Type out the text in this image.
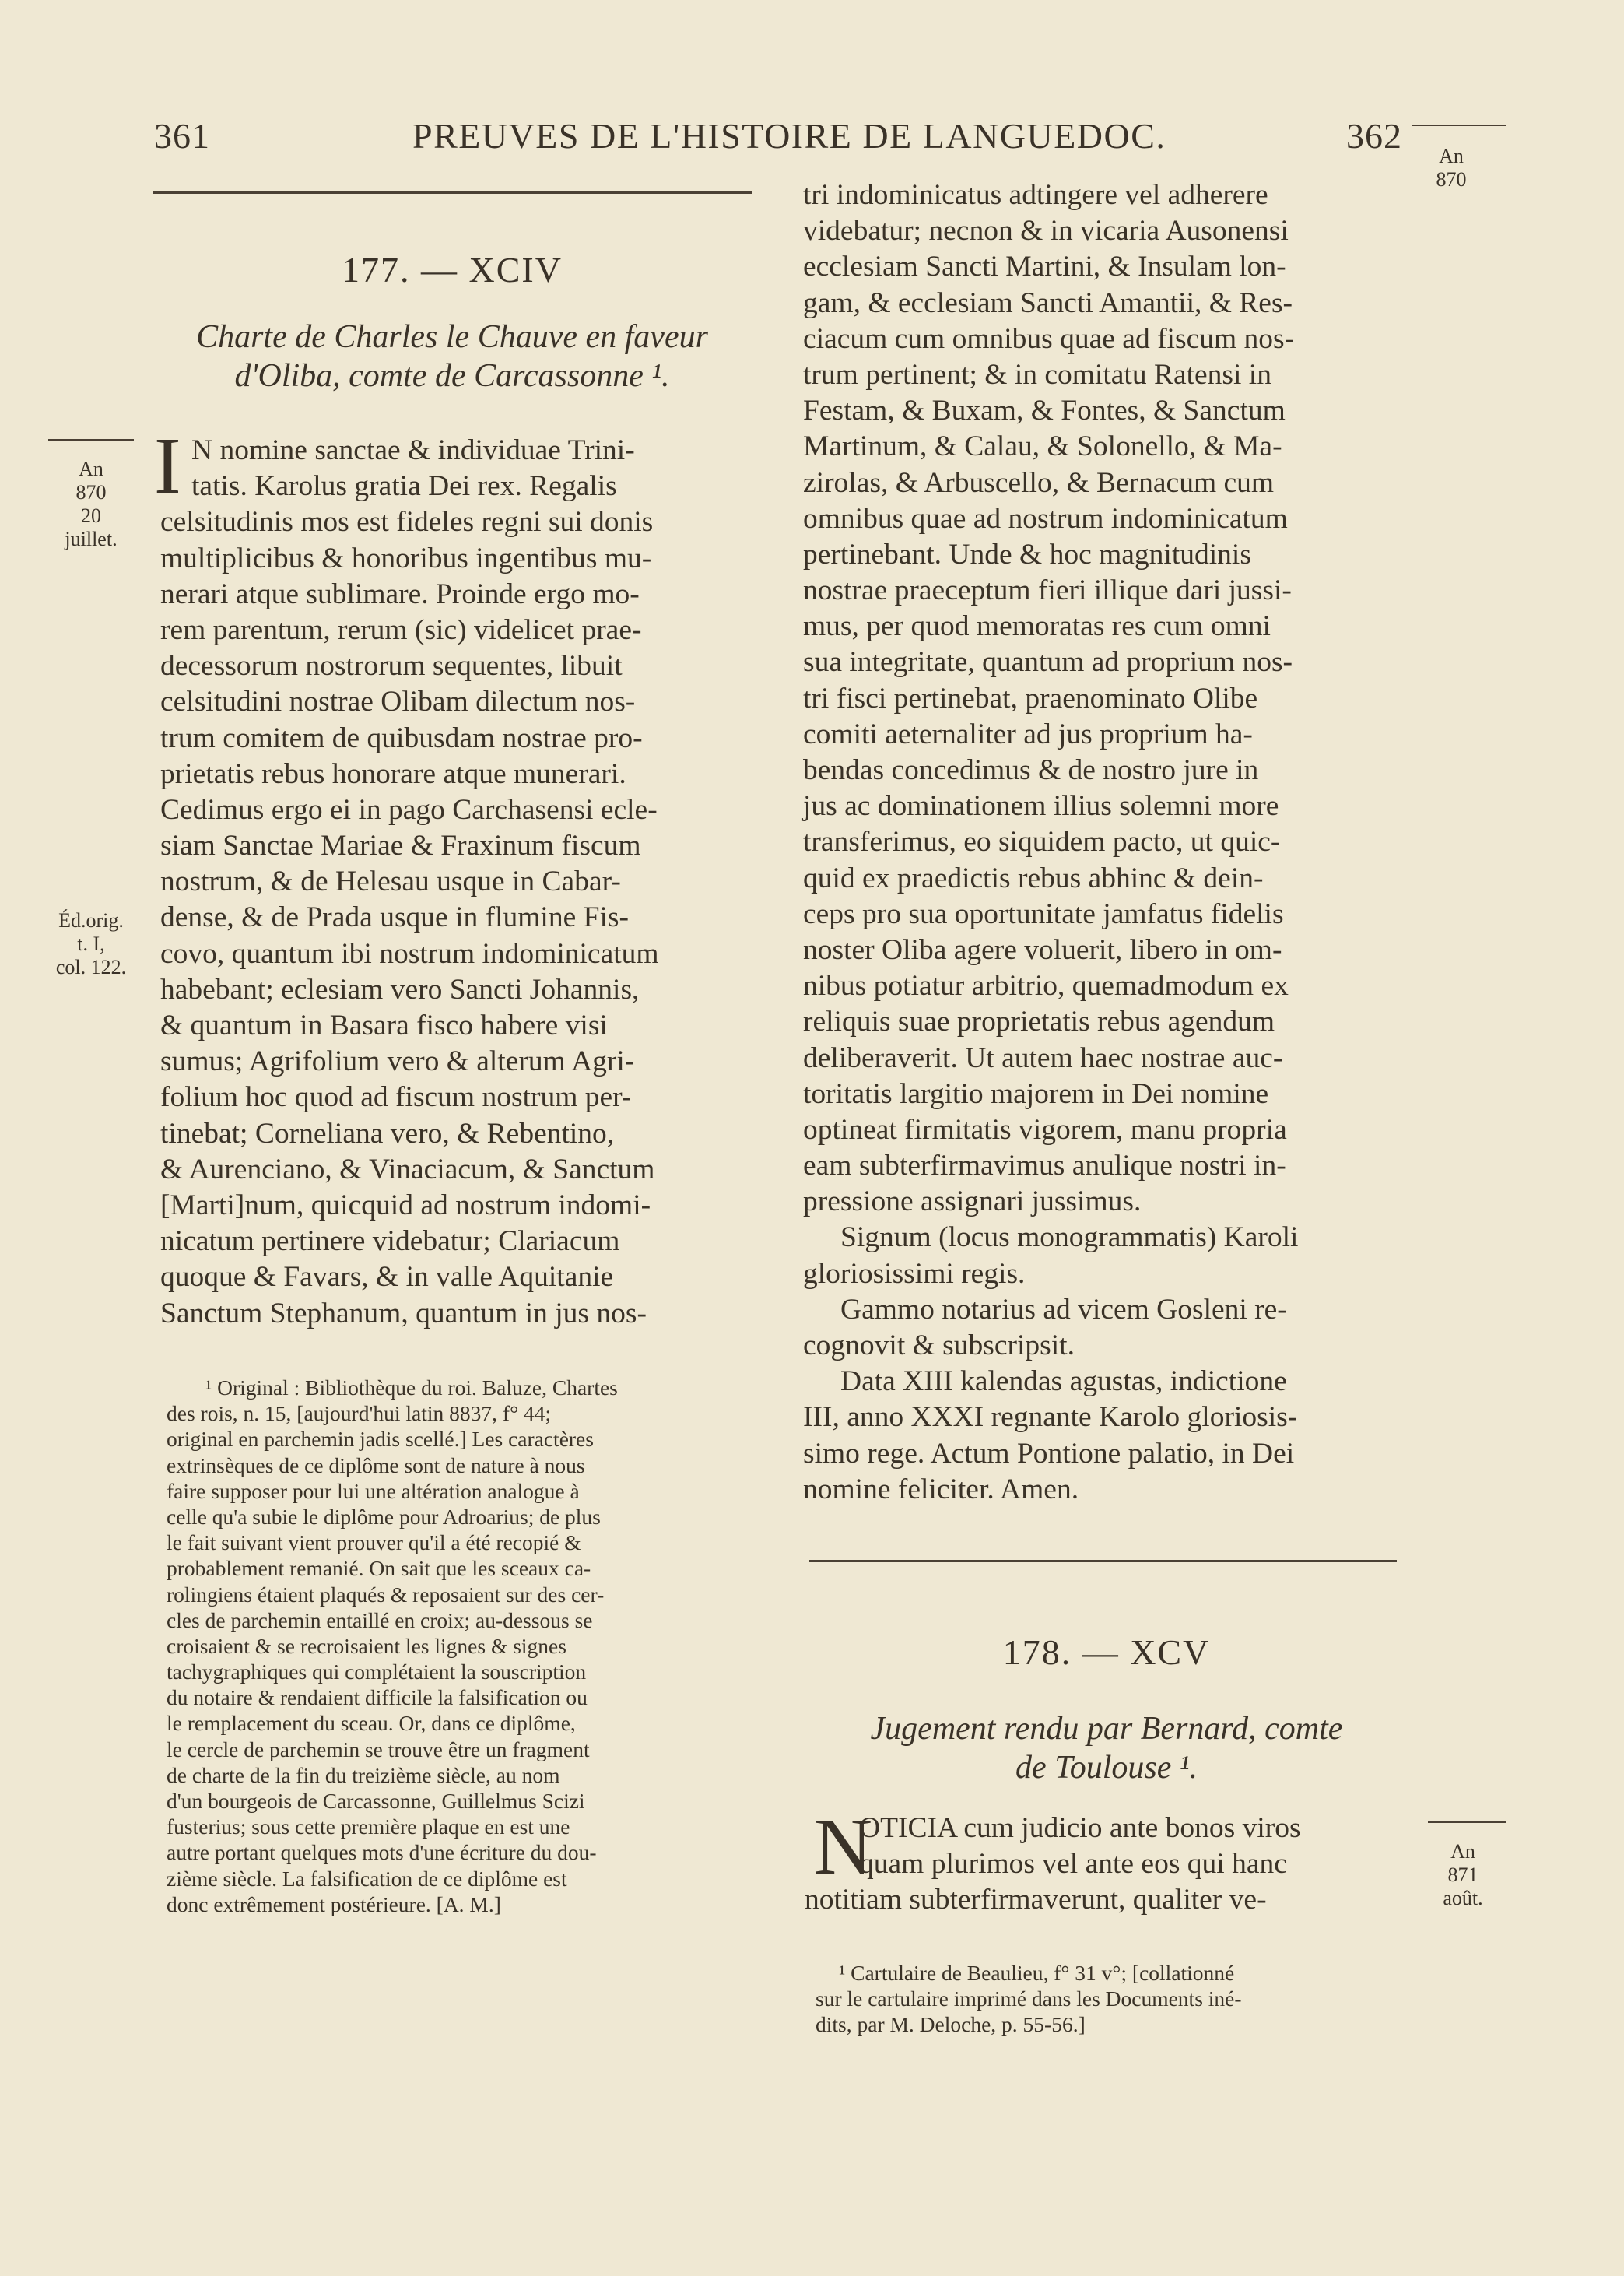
361	PREUVES DE L'HISTOIRE DE LANGUEDOC.	362
An
870
177. — XCIV
Charte de Charles le Chauve en faveur
d'Oliba, comte de Carcassonne ¹.
An
870
20
juillet.
Éd.orig.
t. I,
col. 122.
I N nomine sanctae & individuae Trini-
tatis. Karolus gratia Dei rex. Regalis
celsitudinis mos est fideles regni sui donis
multiplicibus & honoribus ingentibus mu-
nerari atque sublimare. Proinde ergo mo-
rem parentum, rerum (sic) videlicet prae-
decessorum nostrorum sequentes, libuit
celsitudini nostrae Olibam dilectum nos-
trum comitem de quibusdam nostrae pro-
prietatis rebus honorare atque munerari.
Cedimus ergo ei in pago Carchasensi ecle-
siam Sanctae Mariae & Fraxinum fiscum
nostrum, & de Helesau usque in Cabar-
dense, & de Prada usque in flumine Fis-
covo, quantum ibi nostrum indominicatum
habebant; eclesiam vero Sancti Johannis,
& quantum in Basara fisco habere visi
sumus; Agrifolium vero & alterum Agri-
folium hoc quod ad fiscum nostrum per-
tinebat; Corneliana vero, & Rebentino,
& Aurenciano, & Vinaciacum, & Sanctum
[Marti]num, quicquid ad nostrum indomi-
nicatum pertinere videbatur; Clariacum
quoque & Favars, & in valle Aquitanie
Sanctum Stephanum, quantum in jus nos-
¹ Original : Bibliothèque du roi. Baluze, Chartes
des rois, n. 15, [aujourd'hui latin 8837, f° 44;
original en parchemin jadis scellé.] Les caractères
extrinsèques de ce diplôme sont de nature à nous
faire supposer pour lui une altération analogue à
celle qu'a subie le diplôme pour Adroarius; de plus
le fait suivant vient prouver qu'il a été recopié &
probablement remanié. On sait que les sceaux ca-
rolingiens étaient plaqués & reposaient sur des cer-
cles de parchemin entaillé en croix; au-dessous se
croisaient & se recroisaient les lignes & signes
tachygraphiques qui complétaient la souscription
du notaire & rendaient difficile la falsification ou
le remplacement du sceau. Or, dans ce diplôme,
le cercle de parchemin se trouve être un fragment
de charte de la fin du treizième siècle, au nom
d'un bourgeois de Carcassonne, Guillelmus Scizi
fusterius; sous cette première plaque en est une
autre portant quelques mots d'une écriture du dou-
zième siècle. La falsification de ce diplôme est
donc extrêmement postérieure. [A. M.]
tri indominicatus adtingere vel adherere
videbatur; necnon & in vicaria Ausonensi
ecclesiam Sancti Martini, & Insulam lon-
gam, & ecclesiam Sancti Amantii, & Res-
ciacum cum omnibus quae ad fiscum nos-
trum pertinent; & in comitatu Ratensi in
Festam, & Buxam, & Fontes, & Sanctum
Martinum, & Calau, & Solonello, & Ma-
zirolas, & Arbuscello, & Bernacum cum
omnibus quae ad nostrum indominicatum
pertinebant. Unde & hoc magnitudinis
nostrae praeceptum fieri illique dari jussi-
mus, per quod memoratas res cum omni
sua integritate, quantum ad proprium nos-
tri fisci pertinebat, praenominato Olibe
comiti aeternaliter ad jus proprium ha-
bendas concedimus & de nostro jure in
jus ac dominationem illius solemni more
transferimus, eo siquidem pacto, ut quic-
quid ex praedictis rebus abhinc & dein-
ceps pro sua oportunitate jamfatus fidelis
noster Oliba agere voluerit, libero in om-
nibus potiatur arbitrio, quemadmodum ex
reliquis suae proprietatis rebus agendum
deliberaverit. Ut autem haec nostrae auc-
toritatis largitio majorem in Dei nomine
optineat firmitatis vigorem, manu propria
eam subterfirmavimus anulique nostri in-
pressione assignari jussimus.
Signum (locus monogrammatis) Karoli
gloriosissimi regis.
Gammo notarius ad vicem Gosleni re-
cognovit & subscripsit.
Data XIII kalendas agustas, indictione
III, anno XXXI regnante Karolo gloriosis-
simo rege. Actum Pontione palatio, in Dei
nomine feliciter. Amen.
178. — XCV
Jugement rendu par Bernard, comte
de Toulouse ¹.
An
871
août.
N
OTICIA cum judicio ante bonos viros
quam plurimos vel ante eos qui hanc
notitiam subterfirmaverunt, qualiter ve-
¹ Cartulaire de Beaulieu, f° 31 v°; [collationné
sur le cartulaire imprimé dans les Documents iné-
dits, par M. Deloche, p. 55-56.]
